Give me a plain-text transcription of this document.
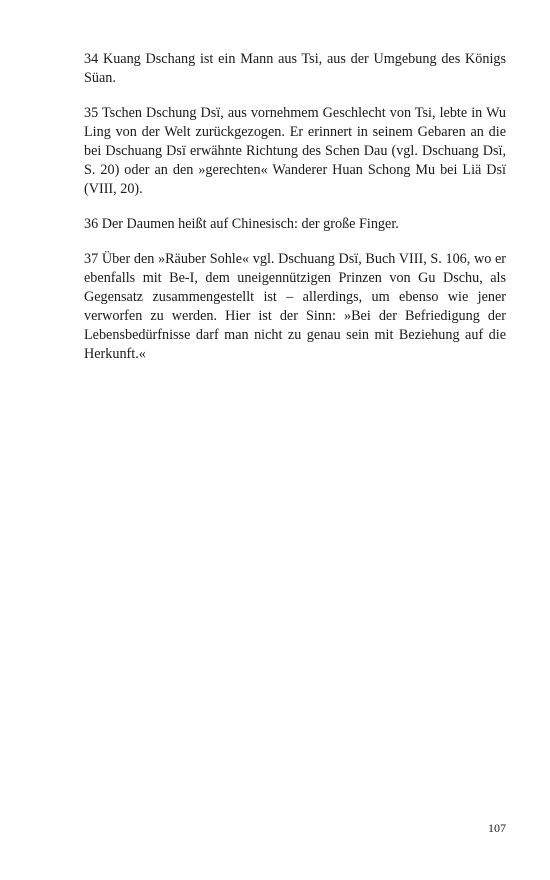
34 Kuang Dschang ist ein Mann aus Tsi, aus der Umgebung des Königs Süan.

35 Tschen Dschung Dsï, aus vornehmem Geschlecht von Tsi, lebte in Wu Ling von der Welt zurückgezogen. Er erinnert in seinem Gebaren an die bei Dschuang Dsï erwähnte Richtung des Schen Dau (vgl. Dschuang Dsï, S. 20) oder an den »gerechten« Wanderer Huan Schong Mu bei Liä Dsï (VIII, 20).

36 Der Daumen heißt auf Chinesisch: der große Finger.

37 Über den »Räuber Sohle« vgl. Dschuang Dsï, Buch VIII, S. 106, wo er ebenfalls mit Be-I, dem uneigennützigen Prinzen von Gu Dschu, als Gegensatz zusammengestellt ist – allerdings, um ebenso wie jener verworfen zu werden. Hier ist der Sinn: »Bei der Befriedigung der Lebensbedürfnisse darf man nicht zu genau sein mit Beziehung auf die Herkunft.«

107
